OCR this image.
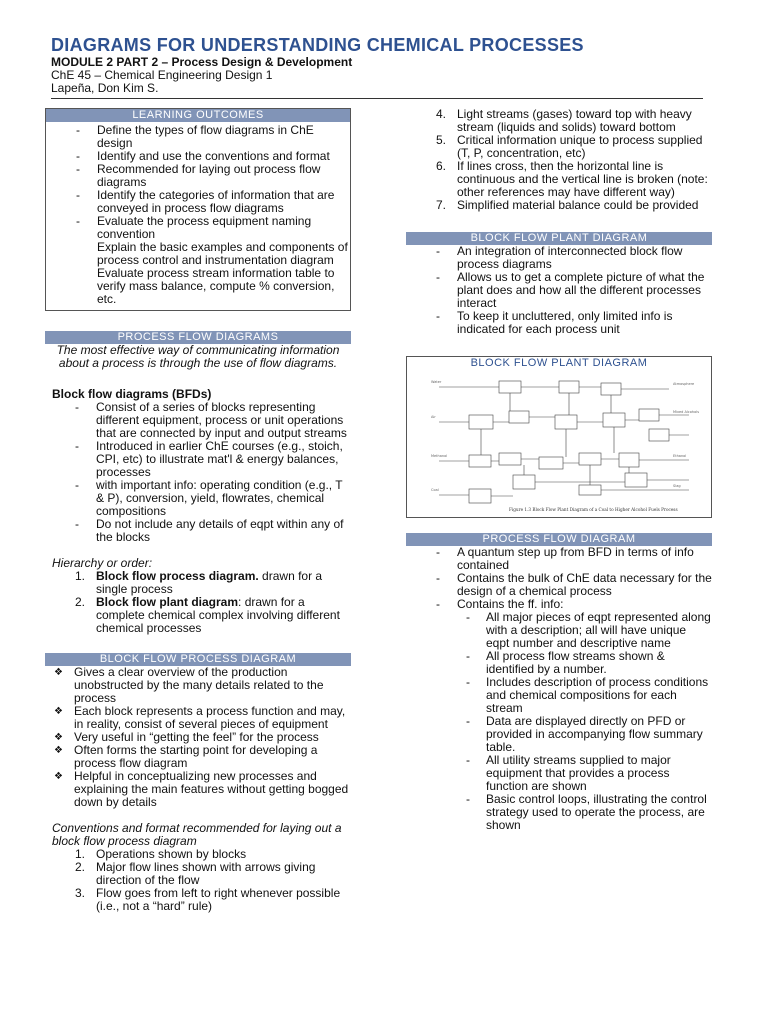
DIAGRAMS FOR UNDERSTANDING CHEMICAL PROCESSES
MODULE 2 PART 2 – Process Design & Development
ChE 45 – Chemical Engineering Design 1
Lapeña, Don Kim S.
LEARNING OUTCOMES
- Define the types of flow diagrams in ChE design
- Identify and use the conventions and format
- Recommended for laying out process flow diagrams
- Identify the categories of information that are conveyed in process flow diagrams
- Evaluate the process equipment naming convention
Explain the basic examples and components of process control and instrumentation diagram
Evaluate process stream information table to verify mass balance, compute % conversion, etc.
PROCESS FLOW DIAGRAMS
The most effective way of communicating information about a process is through the use of flow diagrams.
Block flow diagrams (BFDs)
- Consist of a series of blocks representing different equipment, process or unit operations that are connected by input and output streams
- Introduced in earlier ChE courses (e.g., stoich, CPI, etc) to illustrate mat'l & energy balances, processes
- with important info: operating condition (e.g., T & P), conversion, yield, flowrates, chemical compositions
- Do not include any details of eqpt within any of the blocks
Hierarchy or order:
1. Block flow process diagram. drawn for a single process
2. Block flow plant diagram: drawn for a complete chemical complex involving different chemical processes
BLOCK FLOW PROCESS DIAGRAM
❖ Gives a clear overview of the production unobstructed by the many details related to the process
❖ Each block represents a process function and may, in reality, consist of several pieces of equipment
❖ Very useful in “getting the feel” for the process
❖ Often forms the starting point for developing a process flow diagram
❖ Helpful in conceptualizing new processes and explaining the main features without getting bogged down by details
Conventions and format recommended for laying out a block flow process diagram
1. Operations shown by blocks
2. Major flow lines shown with arrows giving direction of the flow
3. Flow goes from left to right whenever possible (i.e., not a “hard” rule)
4. Light streams (gases) toward top with heavy stream (liquids and solids) toward bottom
5. Critical information unique to process supplied (T, P, concentration, etc)
6. If lines cross, then the horizontal line is continuous and the vertical line is broken (note: other references may have different way)
7. Simplified material balance could be provided
BLOCK FLOW PLANT DIAGRAM
- An integration of interconnected block flow process diagrams
- Allows us to get a complete picture of what the plant does and how all the different processes interact
- To keep it uncluttered, only limited info is indicated for each process unit
BLOCK FLOW PLANT DIAGRAM
Water
Air
Methanol
Coal
Atmosphere
Mixed Alcohols
Ethanol
Slag
Figure 1.3 Block Flow Plant Diagram of a Coal to Higher Alcohol Fuels Process
PROCESS FLOW DIAGRAM
- A quantum step up from BFD in terms of info contained
- Contains the bulk of ChE data necessary for the design of a chemical process
- Contains the ff. info:
- All major pieces of eqpt represented along with a description; all will have unique eqpt number and descriptive name
- All process flow streams shown & identified by a number.
- Includes description of process conditions and chemical compositions for each stream
- Data are displayed directly on PFD or provided in accompanying flow summary table.
- All utility streams supplied to major equipment that provides a process function are shown
- Basic control loops, illustrating the control strategy used to operate the process, are shown
